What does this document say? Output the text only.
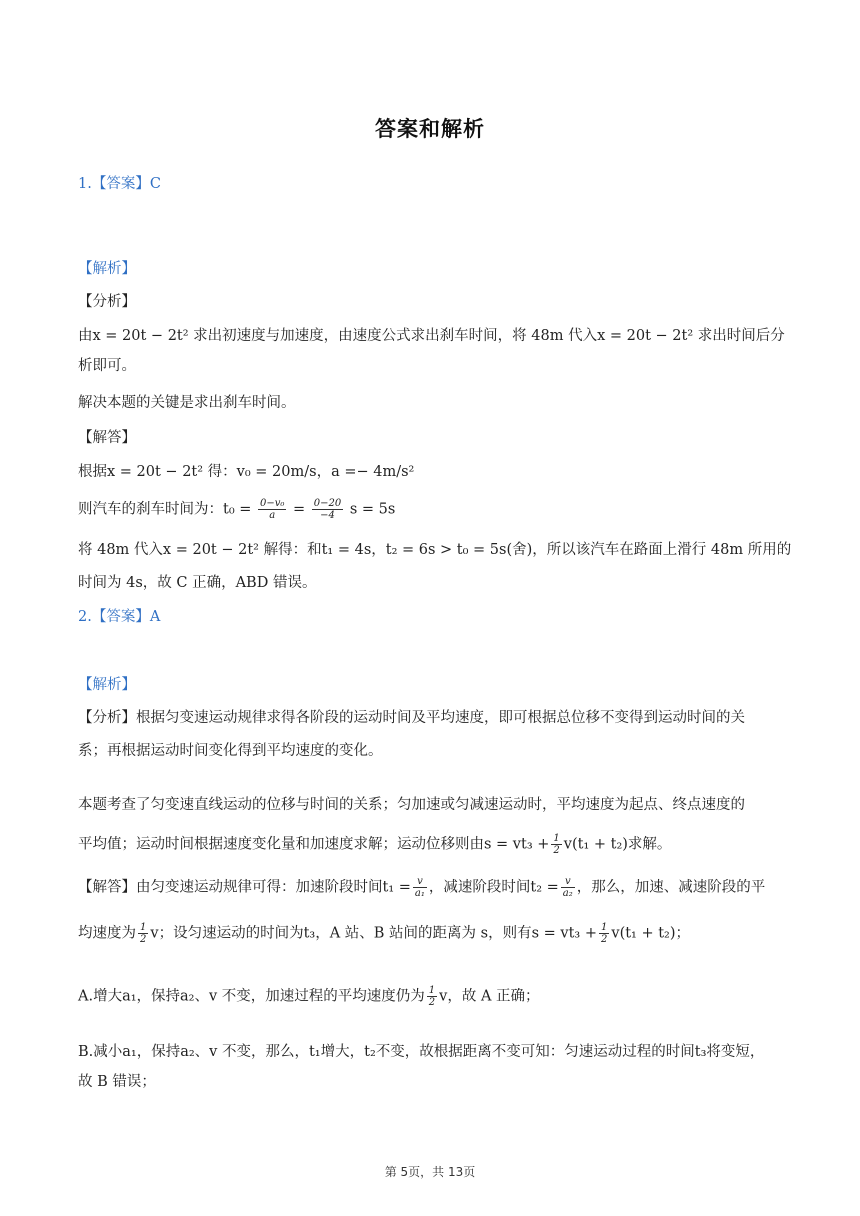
答案和解析
1.【答案】C
【解析】
【分析】
由x = 20t − 2t² 求出初速度与加速度，由速度公式求出刹车时间，将 48m 代入x = 20t − 2t² 求出时间后分
析即可。
解决本题的关键是求出刹车时间。
【解答】
根据x = 20t − 2t² 得：v₀ = 20m/s，a =− 4m/s²
则汽车的刹车时间为：$t_0 = \frac{\text{0−v₀}}{a} = \frac{0-20}{-4}$ s = 5s
将 48m 代入x = 20t − 2t² 解得：和t₁ = 4s，t₂ = 6s > t₀ = 5s(舍)，所以该汽车在路面上滑行 48m 所用的
时间为 4s，故 C 正确，ABD 错误。
2.【答案】A
【解析】
【分析】根据匀变速运动规律求得各阶段的运动时间及平均速度，即可根据总位移不变得到运动时间的关
系；再根据运动时间变化得到平均速度的变化。
本题考查了匀变速直线运动的位移与时间的关系；匀加速或匀减速运动时，平均速度为起点、终点速度的
平均值；运动时间根据速度变化量和加速度求解；运动位移则由$s = vt_3 + \frac{1}{2} v(t_1 + t_2)$求解。
【解答】由匀变速运动规律可得：加速阶段时间$t_1 = \frac{v}{\text{a₁}}$ ，减速阶段时间$t_2 = \frac{v}{\text{a₂}}$ ，那么，加速、减速阶段的平
均速度为 $\frac{1}{2}$ v；设匀速运动的时间为t₃，A 站、B 站间的距离为 s，则有$s = vt_3 + \frac{1}{2} v(t_1 + t_2)$；
A.增大a₁，保持a₂、v 不变，加速过程的平均速度仍为 $\frac{1}{2}$ v，故 A 正确；
B.减小a₁，保持a₂、v 不变，那么，t₁增大，t₂不变，故根据距离不变可知：匀速运动过程的时间t₃将变短，
故 B 错误；
第 5页，共 13页
